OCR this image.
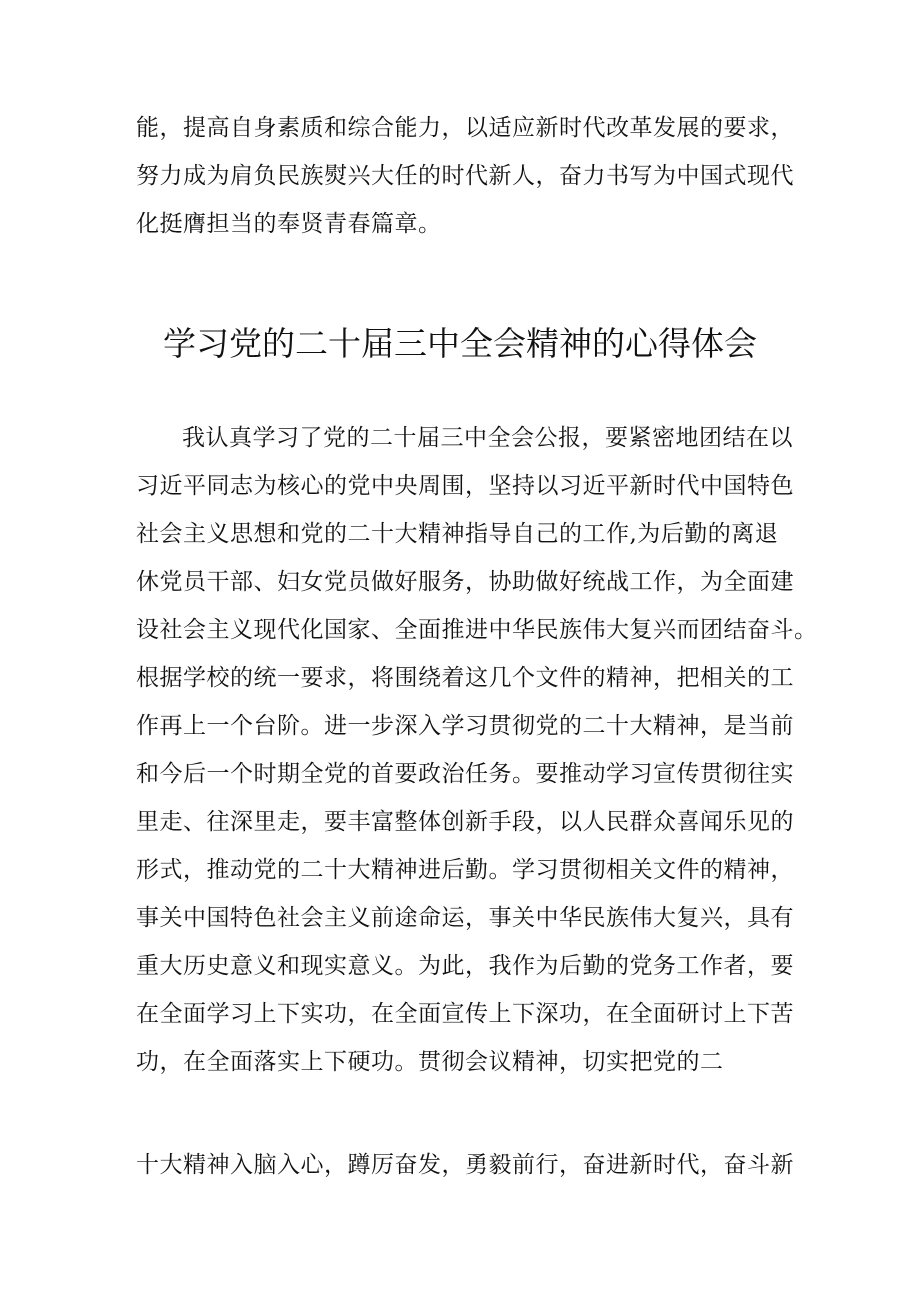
能，提高自身素质和综合能力，以适应新时代改革发展的要求，
努力成为肩负民族熨兴大任的时代新人，奋力书写为中国式现代
化挺膺担当的奉贤青春篇章。
学习党的二十届三中全会精神的心得体会
我认真学习了党的二十届三中全会公报，要紧密地团结在以
习近平同志为核心的党中央周围，坚持以习近平新时代中国特色
社会主义思想和党的二十大精神指导自己的工作,为后勤的离退
休党员干部、妇女党员做好服务，协助做好统战工作，为全面建
设社会主义现代化国家、全面推进中华民族伟大复兴而团结奋斗。
根据学校的统一要求，将围绕着这几个文件的精神，把相关的工
作再上一个台阶。进一步深入学习贯彻党的二十大精神，是当前
和今后一个时期全党的首要政治任务。要推动学习宣传贯彻往实
里走、往深里走，要丰富整体创新手段，以人民群众喜闻乐见的
形式，推动党的二十大精神进后勤。学习贯彻相关文件的精神，
事关中国特色社会主义前途命运，事关中华民族伟大复兴，具有
重大历史意义和现实意义。为此，我作为后勤的党务工作者，要
在全面学习上下实功，在全面宣传上下深功，在全面研讨上下苦
功，在全面落实上下硬功。贯彻会议精神，切实把党的二
十大精神入脑入心，蹲厉奋发，勇毅前行，奋进新时代，奋斗新
